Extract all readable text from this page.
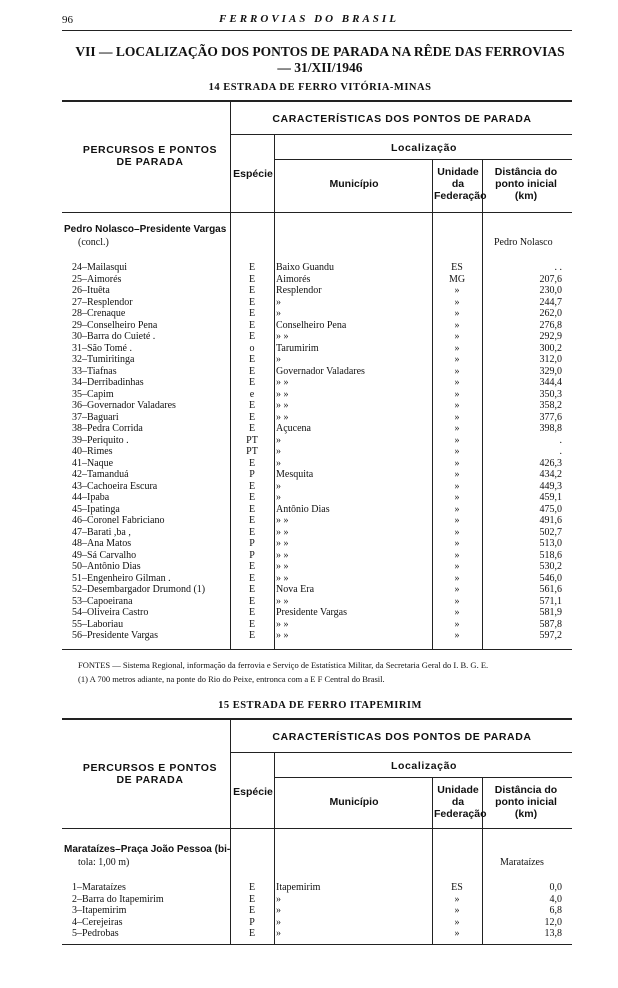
96	FERROVIAS DO BRASIL
VII — LOCALIZAÇÃO DOS PONTOS DE PARADA NA RÊDE DAS FERROVIAS
— 31/XII/1946
14 ESTRADA DE FERRO VITÓRIA-MINAS
CARACTERÍSTICAS DOS PONTOS DE PARADA
PERCURSOS E PONTOS DE PARADA
Localização
Espécie
Município
Unidade da Federação
Distância do ponto inicial (km)
Pedro Nolasco–Presidente Vargas
(concl.)	Pedro Nolasco
24–Mailasqui	E	Baixo Guandu	ES	. .
25–Aimorés	E	Aimorés	MG	207,6
26–Ituêta	E	Resplendor	»	230,0
27–Resplendor	E	»	»	244,7
28–Crenaque	E	»	»	262,0
29–Conselheiro Pena	E	Conselheiro Pena	»	276,8
30–Barra do Cuieté .	E	» »	»	292,9
31–São Tomé .	o	Tarumirim	»	300,2
32–Tumiritinga	E	»	»	312,0
33–Tiafnas	E	Governador Valadares	»	329,0
34–Derribadinhas	E	» »	»	344,4
35–Capim	e	» »	»	350,3
36–Governador Valadares	E	» »	»	358,2
37–Baguari	E	» »	»	377,6
38–Pedra Corrida	E	Açucena	»	398,8
39–Periquito .	PT	»	»	.
40–Rimes	PT	»	»	.
41–Naque	E	»	»	426,3
42–Tamanduá	P	Mesquita	»	434,2
43–Cachoeira Escura	E	»	»	449,3
44–Ipaba	E	»	»	459,1
45–Ipatinga	E	Antônio Dias	»	475,0
46–Coronel Fabriciano	E	» »	»	491,6
47–Barati ,ba ,	E	» »	»	502,7
48–Ana Matos	P	» »	»	513,0
49–Sá Carvalho	P	» »	»	518,6
50–Antônio Dias	E	» »	»	530,2
51–Engenheiro Gilman .	E	» »	»	546,0
52–Desembargador Drumond (1)	E	Nova Era	»	561,6
53–Capoeirana	E	» »	»	571,1
54–Oliveira Castro	E	Presidente Vargas	»	581,9
55–Laboriau	E	» »	»	587,8
56–Presidente Vargas	E	» »	»	597,2
FONTES — Sistema Regional, informação da ferrovia e Serviço de Estatística Militar, da Secretaria Geral do I. B. G. E.
(1) A 700 metros adiante, na ponte do Rio do Peixe, entronca com a E F Central do Brasil.
15 ESTRADA DE FERRO ITAPEMIRIM
CARACTERÍSTICAS DOS PONTOS DE PARADA
PERCURSOS E PONTOS DE PARADA
Localização
Espécie
Município
Unidade da Federação
Distância do ponto inicial (km)
Marataízes–Praça João Pessoa (bi-
tola: 1,00 m)	Marataízes
1–Marataízes	E	Itapemirim	ES	0,0
2–Barra do Itapemirim	E	»	»	4,0
3–Itapemirim	E	»	»	6,8
4–Cerejeiras	P	»	»	12,0
5–Pedrobas	E	»	»	13,8
